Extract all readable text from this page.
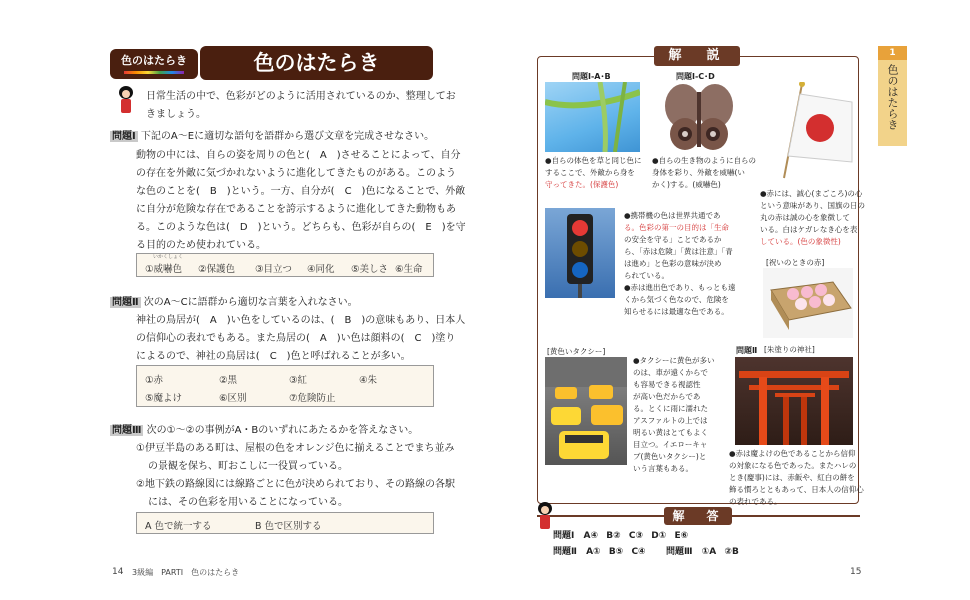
色のはたらき	色のはたらき
日常生活の中で、色彩がどのように活用されているのか、整理してお
きましょう。
問題Ⅰ 下記のA～Eに適切な語句を語群から選び文章を完成させなさい。
動物の中には、自らの姿を周りの色と(　A　)させることによって、自分
の存在を外敵に気づかれないように進化してきたものがある。このよう
な色のことを(　B　)という。一方、自分が(　C　)色になることで、外敵
に自分が危険な存在であることを誇示するように進化してきた動物もあ
る。このような色は(　D　)という。どちらも、色彩が自らの(　E　)を守
る目的のため使われている。
いかくしょく
①威嚇色 ②保護色 ③目立つ ④同化 ⑤美しさ ⑥生命
問題Ⅱ 次のA～Cに語群から適切な言葉を入れなさい。
神社の鳥居が(　A　)い色をしているのは、(　B　)の意味もあり、日本人
の信仰心の表れでもある。また鳥居の(　A　)い色は顔料の(　C　)塗り
によるので、神社の鳥居は(　C　)色と呼ばれることが多い。
①赤	②黒	③紅	④朱
⑤魔よけ	⑥区別	⑦危険防止
問題Ⅲ 次の①～②の事例がA・Bのいずれにあたるかを答えなさい。
①伊豆半島のある町は、屋根の色をオレンジ色に揃えることでまち並み
の景観を保ち、町おこしに一役買っている。
②地下鉄の路線図には線路ごとに色が決められており、その路線の各駅
には、その色彩を用いることになっている。
A 色で統一する	B 色で区別する
14 3級編　PARTⅠ　色のはたらき
解　説
問題Ⅰ-A･B	問題Ⅰ-C･D
●自らの体色を草と同じ色に
するここで、外敵から身を
守ってきた。(保護色)
●自らの生き物のように自らの
身体を彩り、外敵を威嚇(い
かく)する。(威嚇色)
●赤には、誠心(まごころ)の心
という意味があり、国旗の日の
丸の赤は誠の心を象徴して
いる。白はケガレなき心を表
している。(色の象徴性)
●携帯機の色は世界共通であ
る。色彩の第一の目的は「生命
の安全を守る」ことであるか
ら、「赤は危険」「黄は注意」「青
は進め」と色彩の意味が決め
られている。
●赤は進出色であり、もっとも遠
くから気づく色なので、危険を
知らせるには最適な色である。
[祝いのときの赤]
[黄色いタクシー]
●タクシーに黄色が多い
のは、車が遠くからで
も容易できる視認性
が高い色だからであ
る。とくに雨に濡れた
アスファルトの上では
明るい黄はとてもよく
目立つ。イエローキャ
ブ(黄色いタクシー)と
いう言葉もある。
問題Ⅱ [朱塗りの神社]
●赤は魔よけの色であることから信仰
の対象になる色であった。またハレの
とき(慶事)には、赤飯や、紅白の餅を
飾る慣ろとともあって、日本人の信仰心
の表れである。
解　答
問題Ⅰ A④ B② C③ D① E⑥
問題Ⅱ A① B⑤ C④ 問題Ⅲ ①A ②B
1
色のはたらき
15
